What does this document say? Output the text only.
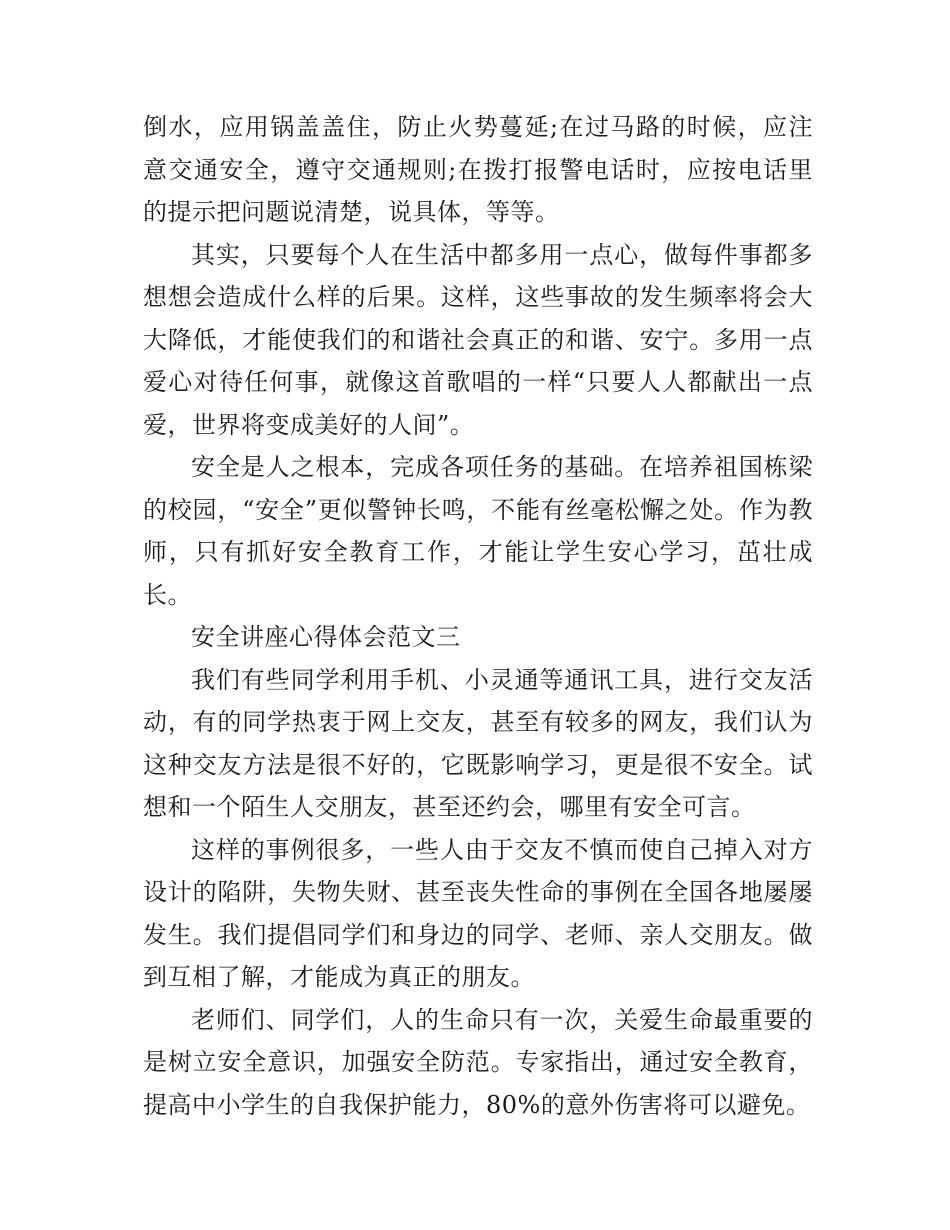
倒水，应用锅盖盖住，防止火势蔓延;在过马路的时候，应注意交通安全，遵守交通规则;在拨打报警电话时，应按电话里的提示把问题说清楚，说具体，等等。

其实，只要每个人在生活中都多用一点心，做每件事都多想想会造成什么样的后果。这样，这些事故的发生频率将会大大降低，才能使我们的和谐社会真正的和谐、安宁。多用一点爱心对待任何事，就像这首歌唱的一样“只要人人都献出一点爱，世界将变成美好的人间”。

安全是人之根本，完成各项任务的基础。在培养祖国栋梁的校园，“安全”更似警钟长鸣，不能有丝毫松懈之处。作为教师，只有抓好安全教育工作，才能让学生安心学习，茁壮成长。

安全讲座心得体会范文三

我们有些同学利用手机、小灵通等通讯工具，进行交友活动，有的同学热衷于网上交友，甚至有较多的网友，我们认为这种交友方法是很不好的，它既影响学习，更是很不安全。试想和一个陌生人交朋友，甚至还约会，哪里有安全可言。

这样的事例很多，一些人由于交友不慎而使自己掉入对方设计的陷阱，失物失财、甚至丧失性命的事例在全国各地屡屡发生。我们提倡同学们和身边的同学、老师、亲人交朋友。做到互相了解，才能成为真正的朋友。

老师们、同学们，人的生命只有一次，关爱生命最重要的是树立安全意识，加强安全防范。专家指出，通过安全教育，提高中小学生的自我保护能力，80%的意外伤害将可以避免。
